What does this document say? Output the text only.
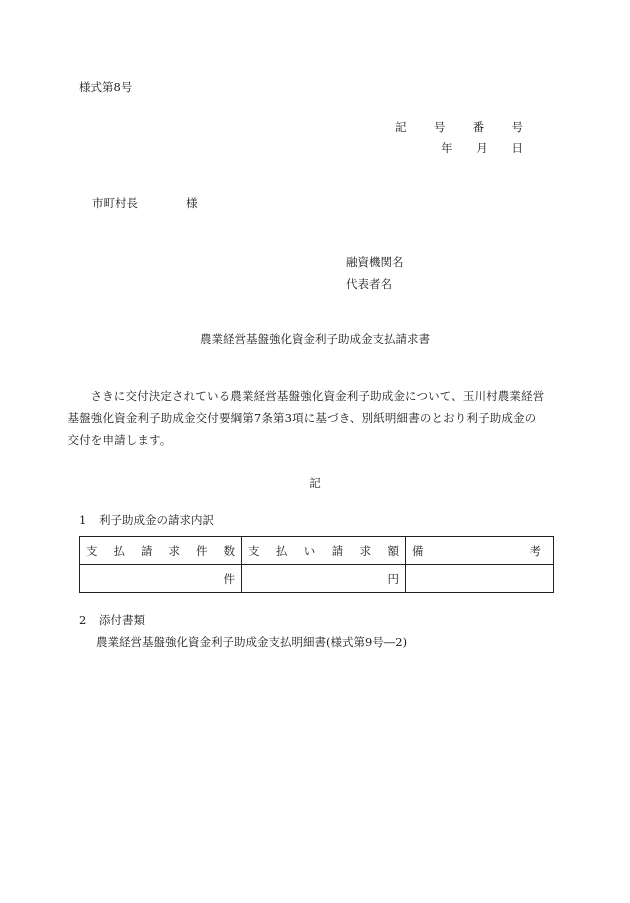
様式第8号
記 号 番 号
年 月 日
市町村長	様
融資機関名
代表者名
農業経営基盤強化資金利子助成金支払請求書

さきに交付決定されている農業経営基盤強化資金利子助成金について、玉川村農業経営
基盤強化資金利子助成金交付要綱第7条第3項に基づき、別紙明細書のとおり利子助成金の
交付を申請します。

記
1 利子助成金の請求内訳
支払請求件数	支払い請求額	備 考

件	円	
2 添付書類
農業経営基盤強化資金利子助成金支払明細書(様式第9号―2)
